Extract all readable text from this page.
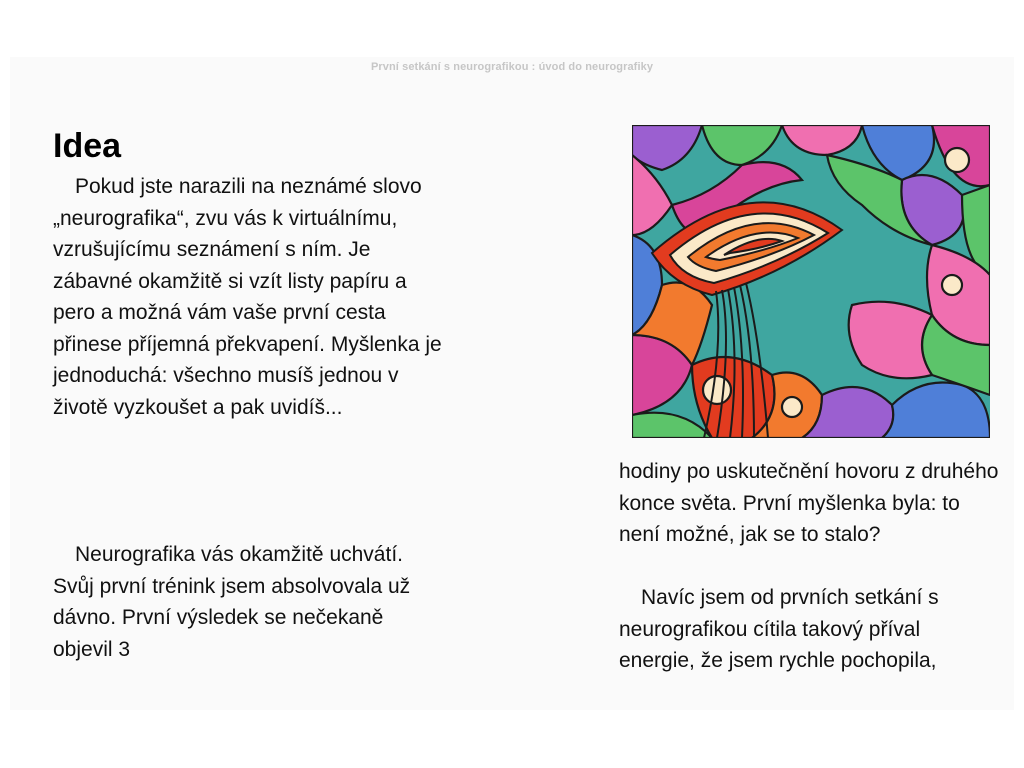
První setkání s neurografikou : úvod do neurografiky
Idea

Pokud jste narazili na neznámé slovo „neurografika“, zvu vás k virtuálnímu, vzrušujícímu seznámení s ním. Je zábavné okamžitě si vzít listy papíru a pero a možná vám vaše první cesta přinese příjemná překvapení. Myšlenka je jednoduchá: všechno musíš jednou v životě vyzkoušet a pak uvidíš...

Neurografika vás okamžitě uchvátí. Svůj první trénink jsem absolvovala už dávno. První výsledek se nečekaně objevil 3

hodiny po uskutečnění hovoru z druhého konce světa. První myšlenka byla: to není možné, jak se to stalo?

Navíc jsem od prvních setkání s neurografikou cítila takový příval energie, že jsem rychle pochopila,
